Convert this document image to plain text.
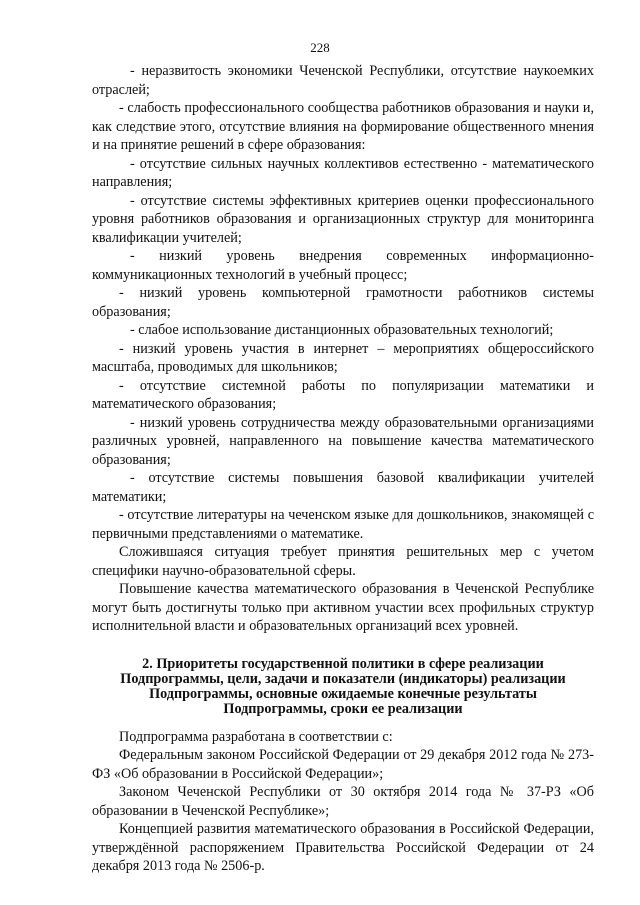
228

- неразвитость экономики Чеченской Республики, отсутствие наукоемких отраслей;

- слабость профессионального сообщества работников образования и науки и, как следствие этого, отсутствие влияния на формирование общественного мнения и на принятие решений в сфере образования:

- отсутствие сильных научных коллективов естественно - математического направления;

- отсутствие системы эффективных критериев оценки профессионального уровня работников образования и организационных структур для мониторинга квалификации учителей;

- низкий уровень внедрения современных информационно-коммуникационных технологий в учебный процесс;

- низкий уровень компьютерной грамотности работников системы образования;

- слабое использование дистанционных образовательных технологий;

- низкий уровень участия в интернет – мероприятиях общероссийского масштаба, проводимых для школьников;

- отсутствие системной работы по популяризации математики и математического образования;

- низкий уровень сотрудничества между образовательными организациями различных уровней, направленного на повышение качества математического образования;

- отсутствие системы повышения базовой квалификации учителей математики;

- отсутствие литературы на чеченском языке для дошкольников, знакомящей с первичными представлениями о математике.

Сложившаяся ситуация требует принятия решительных мер с учетом специфики научно-образовательной сферы.

Повышение качества математического образования в Чеченской Республике могут быть достигнуты только при активном участии всех профильных структур исполнительной власти и образовательных организаций всех уровней.

2. Приоритеты государственной политики в сфере реализации
Подпрограммы, цели, задачи и показатели (индикаторы) реализации
Подпрограммы, основные ожидаемые конечные результаты
Подпрограммы, сроки ее реализации

Подпрограмма разработана в соответствии с:

Федеральным законом Российской Федерации от 29 декабря 2012 года № 273-ФЗ «Об образовании в Российской Федерации»;

Законом Чеченской Республики от 30 октября 2014 года № 37-РЗ «Об образовании в Чеченской Республике»;

Концепцией развития математического образования в Российской Федерации, утверждённой распоряжением Правительства Российской Федерации от 24 декабря 2013 года № 2506-р.
